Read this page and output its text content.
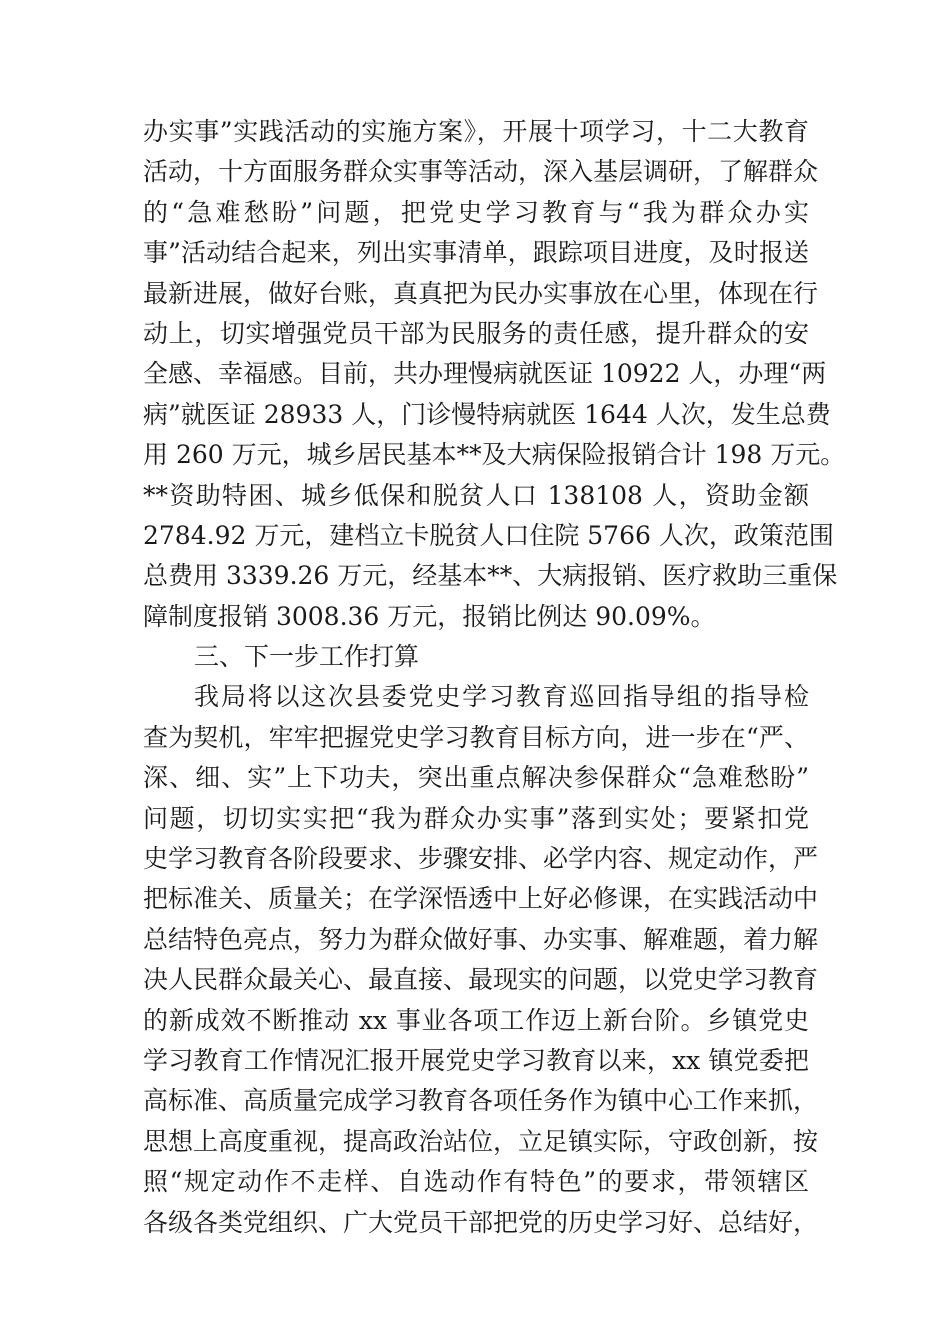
办实事”实践活动的实施方案》，开展十项学习，十二大教育
活动，十方面服务群众实事等活动，深入基层调研，了解群众
的“急难愁盼”问题，把党史学习教育与“我为群众办实
事”活动结合起来，列出实事清单，跟踪项目进度，及时报送
最新进展，做好台账，真真把为民办实事放在心里，体现在行
动上，切实增强党员干部为民服务的责任感，提升群众的安
全感、幸福感。目前，共办理慢病就医证 10922 人，办理“两
病”就医证 28933 人，门诊慢特病就医 1644 人次，发生总费
用 260 万元，城乡居民基本**及大病保险报销合计 198 万元。
**资助特困、城乡低保和脱贫人口 138108 人，资助金额
2784.92 万元，建档立卡脱贫人口住院 5766 人次，政策范围
总费用 3339.26 万元，经基本**、大病报销、医疗救助三重保
障制度报销 3008.36 万元，报销比例达 90.09%。
三、下一步工作打算
我局将以这次县委党史学习教育巡回指导组的指导检
查为契机，牢牢把握党史学习教育目标方向，进一步在“严、
深、细、实”上下功夫，突出重点解决参保群众“急难愁盼”
问题，切切实实把“我为群众办实事”落到实处；要紧扣党
史学习教育各阶段要求、步骤安排、必学内容、规定动作，严
把标准关、质量关；在学深悟透中上好必修课，在实践活动中
总结特色亮点，努力为群众做好事、办实事、解难题，着力解
决人民群众最关心、最直接、最现实的问题，以党史学习教育
的新成效不断推动 xx 事业各项工作迈上新台阶。乡镇党史
学习教育工作情况汇报开展党史学习教育以来，xx 镇党委把
高标准、高质量完成学习教育各项任务作为镇中心工作来抓，
思想上高度重视，提高政治站位，立足镇实际，守政创新，按
照“规定动作不走样、自选动作有特色”的要求，带领辖区
各级各类党组织、广大党员干部把党的历史学习好、总结好，
